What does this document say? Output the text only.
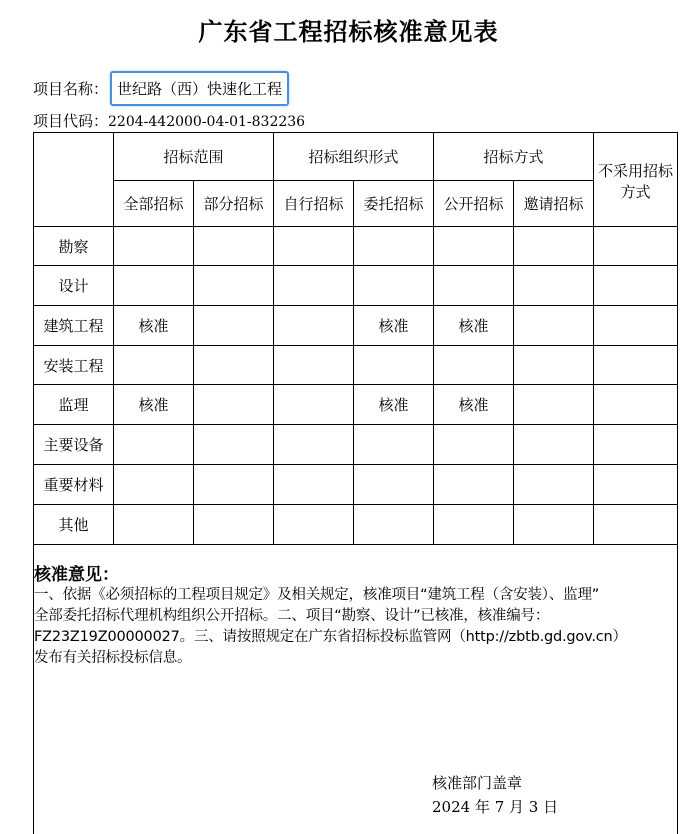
广东省工程招标核准意见表
项目名称： 世纪路（西）快速化工程
项目代码：2204-442000-04-01-832236
	招标范围		招标组织形式		招标方式		不采用招标方式
	全部招标	部分招标	自行招标	委托招标	公开招标	邀请招标	
勘察							
设计							
建筑工程	核准			核准	核准		
安装工程							
监理	核准			核准	核准		
主要设备							
重要材料							
其他							
核准意见：
一、依据《必须招标的工程项目规定》及相关规定，核准项目“建筑工程（含安装）、监理”
全部委托招标代理机构组织公开招标。二、项目“勘察、设计”已核准，核准编号：
FZ23Z19Z00000027。三、请按照规定在广东省招标投标监管网（http://zbtb.gd.gov.cn）
发布有关招标投标信息。
核准部门盖章
2024 年 7 月 3 日
